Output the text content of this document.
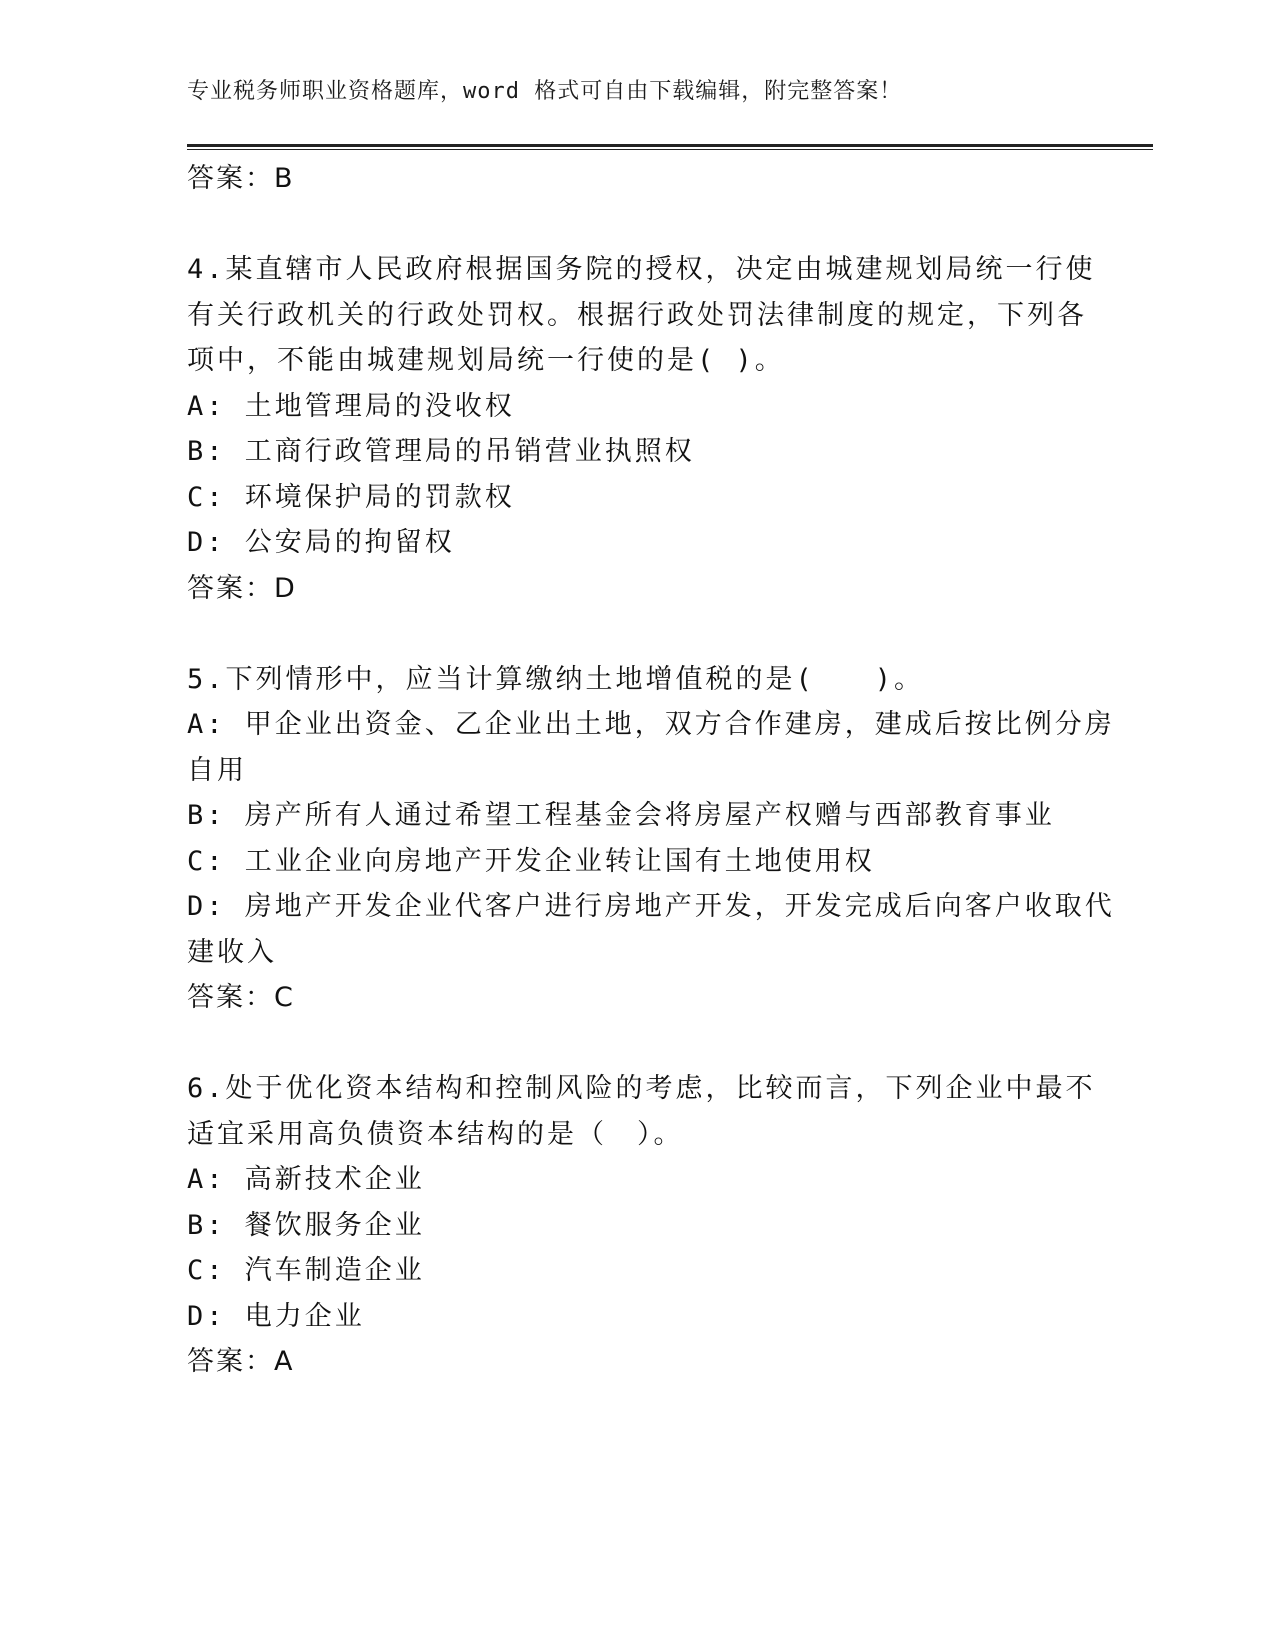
专业税务师职业资格题库，word 格式可自由下载编辑，附完整答案！
答案：B
4.某直辖市人民政府根据国务院的授权，决定由城建规划局统一行使
有关行政机关的行政处罚权。根据行政处罚法律制度的规定，下列各
项中，不能由城建规划局统一行使的是( )。
A: 土地管理局的没收权
B: 工商行政管理局的吊销营业执照权
C: 环境保护局的罚款权
D: 公安局的拘留权
答案：D
5.下列情形中，应当计算缴纳土地增值税的是(　　)。
A: 甲企业出资金、乙企业出土地，双方合作建房，建成后按比例分房
自用
B: 房产所有人通过希望工程基金会将房屋产权赠与西部教育事业
C: 工业企业向房地产开发企业转让国有土地使用权
D: 房地产开发企业代客户进行房地产开发，开发完成后向客户收取代
建收入
答案：C
6.处于优化资本结构和控制风险的考虑，比较而言，下列企业中最不
适宜采用高负债资本结构的是（　）。
A: 高新技术企业
B: 餐饮服务企业
C: 汽车制造企业
D: 电力企业
答案：A
